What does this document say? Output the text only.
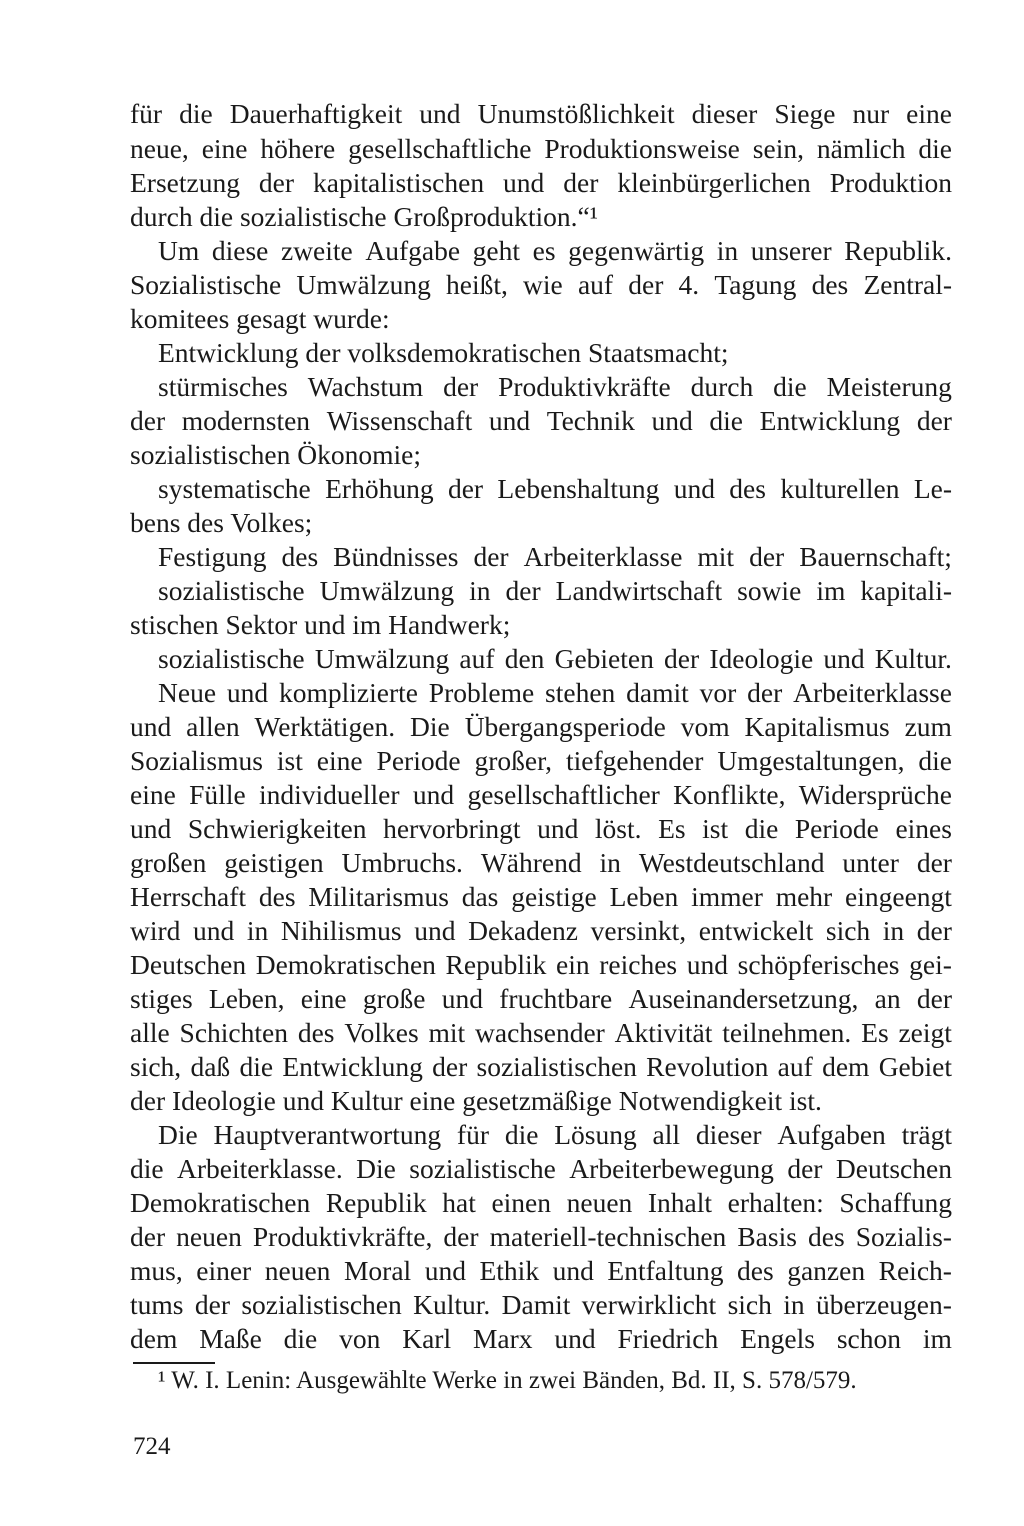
für die Dauerhaftigkeit und Unumstößlichkeit dieser Siege nur eine
neue, eine höhere gesellschaftliche Produktionsweise sein, nämlich die
Ersetzung der kapitalistischen und der kleinbürgerlichen Produktion
durch die sozialistische Großproduktion.“¹
Um diese zweite Aufgabe geht es gegenwärtig in unserer Republik.
Sozialistische Umwälzung heißt, wie auf der 4. Tagung des Zentral-
komitees gesagt wurde:
Entwicklung der volksdemokratischen Staatsmacht;
stürmisches Wachstum der Produktivkräfte durch die Meisterung
der modernsten Wissenschaft und Technik und die Entwicklung der
sozialistischen Ökonomie;
systematische Erhöhung der Lebenshaltung und des kulturellen Le-
bens des Volkes;
Festigung des Bündnisses der Arbeiterklasse mit der Bauernschaft;
sozialistische Umwälzung in der Landwirtschaft sowie im kapitali-
stischen Sektor und im Handwerk;
sozialistische Umwälzung auf den Gebieten der Ideologie und Kultur.
Neue und komplizierte Probleme stehen damit vor der Arbeiterklasse
und allen Werktätigen. Die Übergangsperiode vom Kapitalismus zum
Sozialismus ist eine Periode großer, tiefgehender Umgestaltungen, die
eine Fülle individueller und gesellschaftlicher Konflikte, Widersprüche
und Schwierigkeiten hervorbringt und löst. Es ist die Periode eines
großen geistigen Umbruchs. Während in Westdeutschland unter der
Herrschaft des Militarismus das geistige Leben immer mehr eingeengt
wird und in Nihilismus und Dekadenz versinkt, entwickelt sich in der
Deutschen Demokratischen Republik ein reiches und schöpferisches gei-
stiges Leben, eine große und fruchtbare Auseinandersetzung, an der
alle Schichten des Volkes mit wachsender Aktivität teilnehmen. Es zeigt
sich, daß die Entwicklung der sozialistischen Revolution auf dem Gebiet
der Ideologie und Kultur eine gesetzmäßige Notwendigkeit ist.
Die Hauptverantwortung für die Lösung all dieser Aufgaben trägt
die Arbeiterklasse. Die sozialistische Arbeiterbewegung der Deutschen
Demokratischen Republik hat einen neuen Inhalt erhalten: Schaffung
der neuen Produktivkräfte, der materiell-technischen Basis des Sozialis-
mus, einer neuen Moral und Ethik und Entfaltung des ganzen Reich-
tums der sozialistischen Kultur. Damit verwirklicht sich in überzeugen-
dem Maße die von Karl Marx und Friedrich Engels schon im
¹ W. I. Lenin: Ausgewählte Werke in zwei Bänden, Bd. II, S. 578/579.
724
